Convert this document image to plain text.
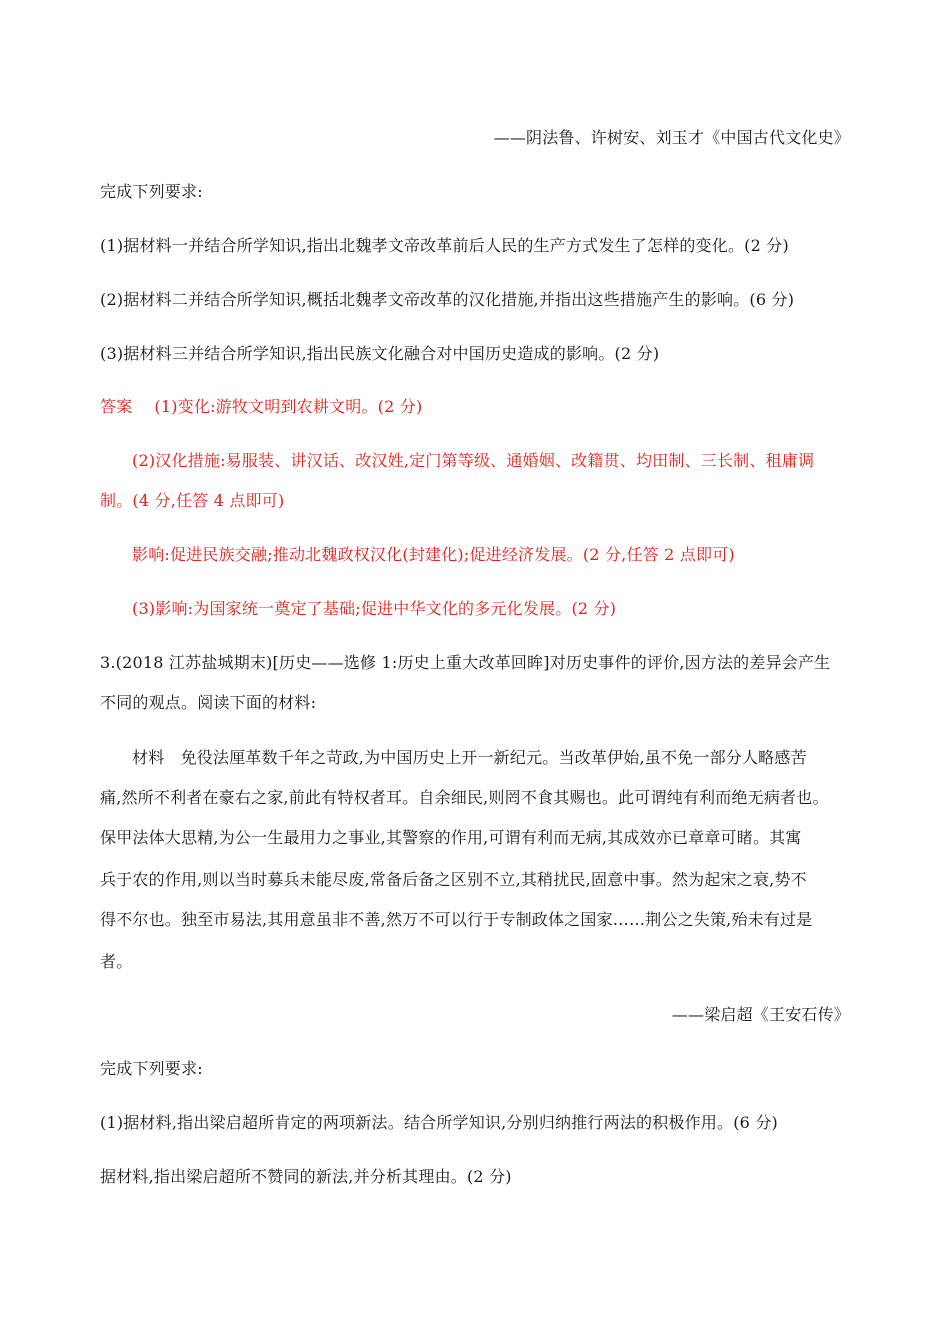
——阴法鲁、许树安、刘玉才《中国古代文化史》
完成下列要求:
(1)据材料一并结合所学知识,指出北魏孝文帝改革前后人民的生产方式发生了怎样的变化。(2 分)
(2)据材料二并结合所学知识,概括北魏孝文帝改革的汉化措施,并指出这些措施产生的影响。(6 分)
(3)据材料三并结合所学知识,指出民族文化融合对中国历史造成的影响。(2 分)
答案 (1)变化:游牧文明到农耕文明。(2 分)
(2)汉化措施:易服装、讲汉话、改汉姓,定门第等级、通婚姻、改籍贯、均田制、三长制、租庸调
制。(4 分,任答 4 点即可)
影响:促进民族交融;推动北魏政权汉化(封建化);促进经济发展。(2 分,任答 2 点即可)
(3)影响:为国家统一奠定了基础;促进中华文化的多元化发展。(2 分)
3.(2018 江苏盐城期末)[历史——选修 1:历史上重大改革回眸]对历史事件的评价,因方法的差异会产生
不同的观点。阅读下面的材料:
材料　免役法厘革数千年之苛政,为中国历史上开一新纪元。当改革伊始,虽不免一部分人略感苦
痛,然所不利者在豪右之家,前此有特权者耳。自余细民,则罔不食其赐也。此可谓纯有利而绝无病者也。
保甲法体大思精,为公一生最用力之事业,其警察的作用,可谓有利而无病,其成效亦已章章可睹。其寓
兵于农的作用,则以当时募兵未能尽废,常备后备之区别不立,其稍扰民,固意中事。然为起宋之衰,势不
得不尔也。独至市易法,其用意虽非不善,然万不可以行于专制政体之国家……荆公之失策,殆未有过是
者。
——梁启超《王安石传》
完成下列要求:
(1)据材料,指出梁启超所肯定的两项新法。结合所学知识,分别归纳推行两法的积极作用。(6 分)
据材料,指出梁启超所不赞同的新法,并分析其理由。(2 分)
